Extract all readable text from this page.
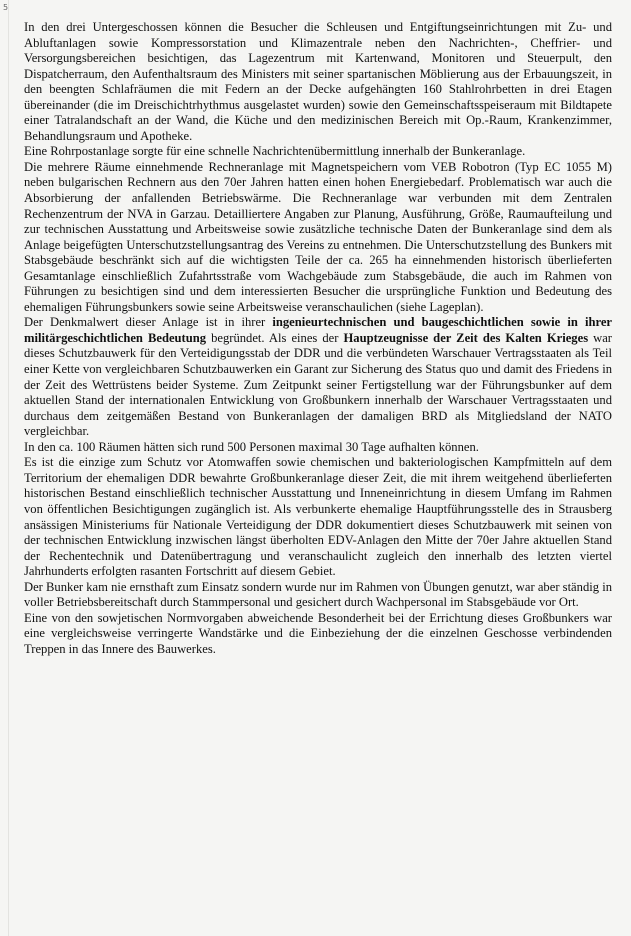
5

In den drei Untergeschossen können die Besucher die Schleusen und Entgiftungseinrichtungen mit Zu- und Abluftanlagen sowie Kompressorstation und Klimazentrale neben den Nachrichten-, Cheffrier- und Versorgungsbereichen besichtigen, das Lagezentrum mit Kartenwand, Monitoren und Steuerpult, den Dispatcherraum, den Aufenthaltsraum des Ministers mit seiner spartanischen Möblierung aus der Erbauungszeit, in den beengten Schlafräumen die mit Federn an der Decke aufgehängten 160 Stahlrohrbetten in drei Etagen übereinander (die im Dreischichtrhythmus ausgelastet wurden) sowie den Gemeinschaftsspeiseraum mit Bildtapete einer Tatralandschaft an der Wand, die Küche und den medizinischen Bereich mit Op.-Raum, Krankenzimmer, Behandlungsraum und Apotheke.

Eine Rohrpostanlage sorgte für eine schnelle Nachrichtenübermittlung innerhalb der Bunkeranlage.

Die mehrere Räume einnehmende Rechneranlage mit Magnetspeichern vom VEB Robotron (Typ EC 1055 M) neben bulgarischen Rechnern aus den 70er Jahren hatten einen hohen Energiebedarf. Problematisch war auch die Absorbierung der anfallenden Betriebswärme. Die Rechneranlage war verbunden mit dem Zentralen Rechenzentrum der NVA in Garzau. Detailliertere Angaben zur Planung, Ausführung, Größe, Raumaufteilung und zur technischen Ausstattung und Arbeitsweise sowie zusätzliche technische Daten der Bunkeranlage sind dem als Anlage beigefügten Unterschutzstellungsantrag des Vereins zu entnehmen. Die Unterschutzstellung des Bunkers mit Stabsgebäude beschränkt sich auf die wichtigsten Teile der ca. 265 ha einnehmenden historisch überlieferten Gesamtanlage einschließlich Zufahrtsstraße vom Wachgebäude zum Stabsgebäude, die auch im Rahmen von Führungen zu besichtigen sind und dem interessierten Besucher die ursprüngliche Funktion und Bedeutung des ehemaligen Führungsbunkers sowie seine Arbeitsweise veranschaulichen (siehe Lageplan).

Der Denkmalwert dieser Anlage ist in ihrer ingenieurtechnischen und baugeschichtlichen sowie in ihrer militärgeschichtlichen Bedeutung begründet. Als eines der Hauptzeugnisse der Zeit des Kalten Krieges war dieses Schutzbauwerk für den Verteidigungsstab der DDR und die verbündeten Warschauer Vertragsstaaten als Teil einer Kette von vergleichbaren Schutzbauwerken ein Garant zur Sicherung des Status quo und damit des Friedens in der Zeit des Wettrüstens beider Systeme. Zum Zeitpunkt seiner Fertigstellung war der Führungsbunker auf dem aktuellen Stand der internationalen Entwicklung von Großbunkern innerhalb der Warschauer Vertragsstaaten und durchaus dem zeitgemäßen Bestand von Bunkeranlagen der damaligen BRD als Mitgliedsland der NATO vergleichbar.

In den ca. 100 Räumen hätten sich rund 500 Personen maximal 30 Tage aufhalten können.

Es ist die einzige zum Schutz vor Atomwaffen sowie chemischen und bakteriologischen Kampfmitteln auf dem Territorium der ehemaligen DDR bewahrte Großbunkeranlage dieser Zeit, die mit ihrem weitgehend überlieferten historischen Bestand einschließlich technischer Ausstattung und Inneneinrichtung in diesem Umfang im Rahmen von öffentlichen Besichtigungen zugänglich ist. Als verbunkerte ehemalige Hauptführungsstelle des in Strausberg ansässigen Ministeriums für Nationale Verteidigung der DDR dokumentiert dieses Schutzbauwerk mit seinen von der technischen Entwicklung inzwischen längst überholten EDV-Anlagen den Mitte der 70er Jahre aktuellen Stand der Rechentechnik und Datenübertragung und veranschaulicht zugleich den innerhalb des letzten viertel Jahrhunderts erfolgten rasanten Fortschritt auf diesem Gebiet.

Der Bunker kam nie ernsthaft zum Einsatz sondern wurde nur im Rahmen von Übungen genutzt, war aber ständig in voller Betriebsbereitschaft durch Stammpersonal und gesichert durch Wachpersonal im Stabsgebäude vor Ort.

Eine von den sowjetischen Normvorgaben abweichende Besonderheit bei der Errichtung dieses Großbunkers war eine vergleichsweise verringerte Wandstärke und die Einbeziehung der die einzelnen Geschosse verbindenden Treppen in das Innere des Bauwerkes.
